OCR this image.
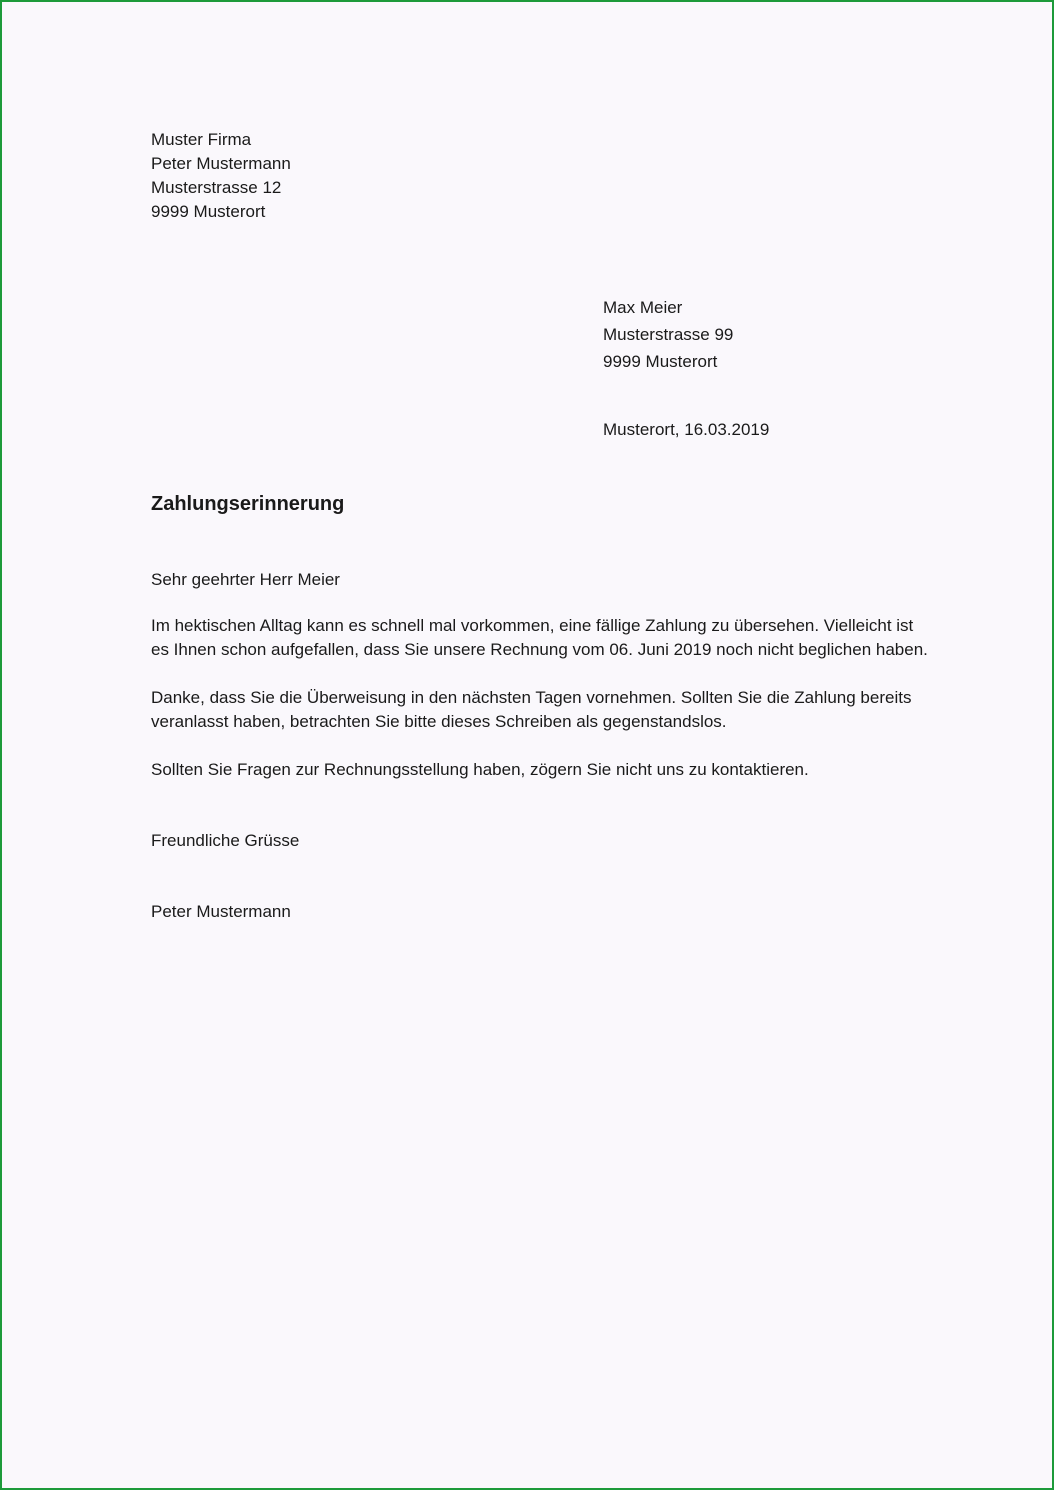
Muster Firma
Peter Mustermann
Musterstrasse 12
9999 Musterort
Max Meier
Musterstrasse 99
9999 Musterort
Musterort, 16.03.2019
Zahlungserinnerung
Sehr geehrter Herr Meier
Im hektischen Alltag kann es schnell mal vorkommen, eine fällige Zahlung zu übersehen. Vielleicht ist
es Ihnen schon aufgefallen, dass Sie unsere Rechnung vom 06. Juni 2019 noch nicht beglichen haben.
Danke, dass Sie die Überweisung in den nächsten Tagen vornehmen. Sollten Sie die Zahlung bereits
veranlasst haben, betrachten Sie bitte dieses Schreiben als gegenstandslos.
Sollten Sie Fragen zur Rechnungsstellung haben, zögern Sie nicht uns zu kontaktieren.
Freundliche Grüsse
Peter Mustermann
